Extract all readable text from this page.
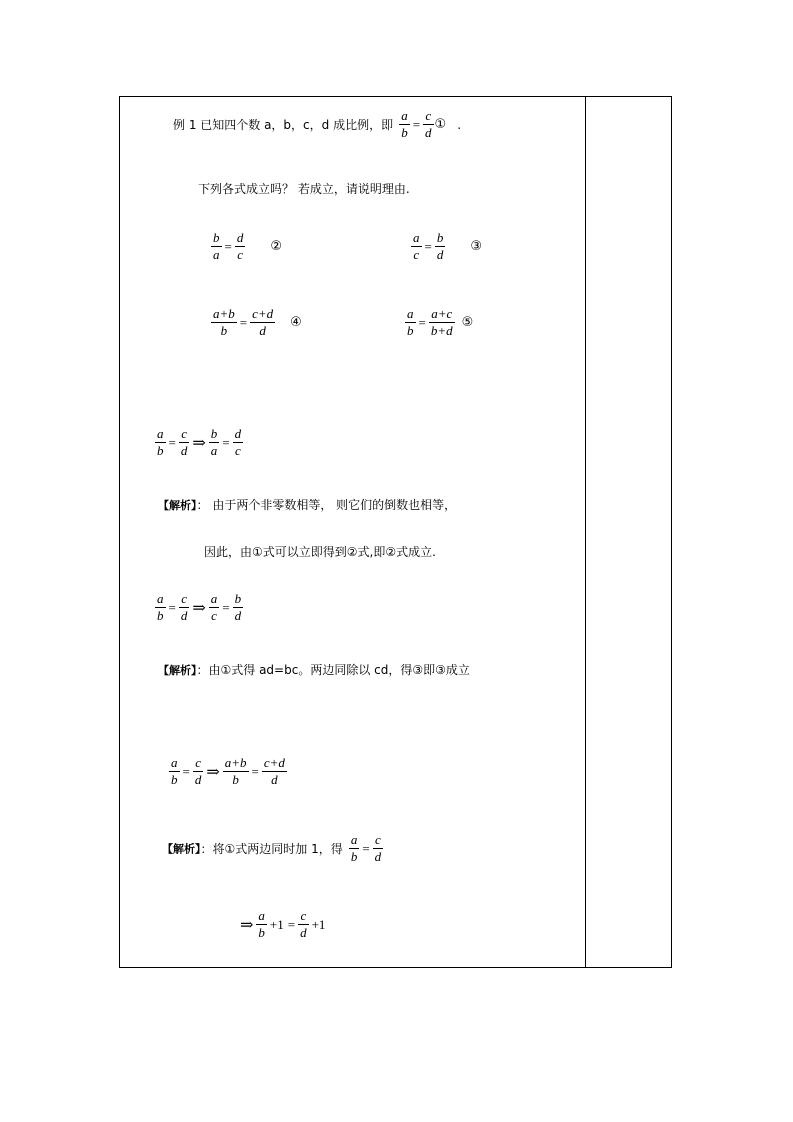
例 1 已知四个数 a，b，c，d 成比例，即 $\frac{a}{b} = \frac{c}{d}$ ① .
下列各式成立吗？ 若成立，请说明理由.
$\frac{b}{a} = \frac{d}{c}$ ②	$\frac{a}{c} = \frac{b}{d}$ ③
$\frac{a+b}{b} = \frac{c+d}{d}$ ④	$\frac{a}{b} = \frac{a+c}{b+d}$ ⑤
$\frac{a}{b} = \frac{c}{d}$ ⇒ $\frac{b}{a} = \frac{d}{c}$
【解析】： 由于两个非零数相等， 则它们的倒数也相等，
因此，由①式可以立即得到②式,即②式成立.
$\frac{a}{b} = \frac{c}{d}$ ⇒ $\frac{a}{c} = \frac{b}{d}$
【解析】：由①式得 ad=bc。两边同除以 cd，得③即③成立
$\frac{a}{b} = \frac{c}{d}$ ⇒ $\frac{a+b}{b} = \frac{c+d}{d}$
【解析】：将①式两边同时加 1，得 $\frac{a}{b} = \frac{c}{d}$
⇒ $\frac{a}{b} +1 = \frac{c}{d} +1$
